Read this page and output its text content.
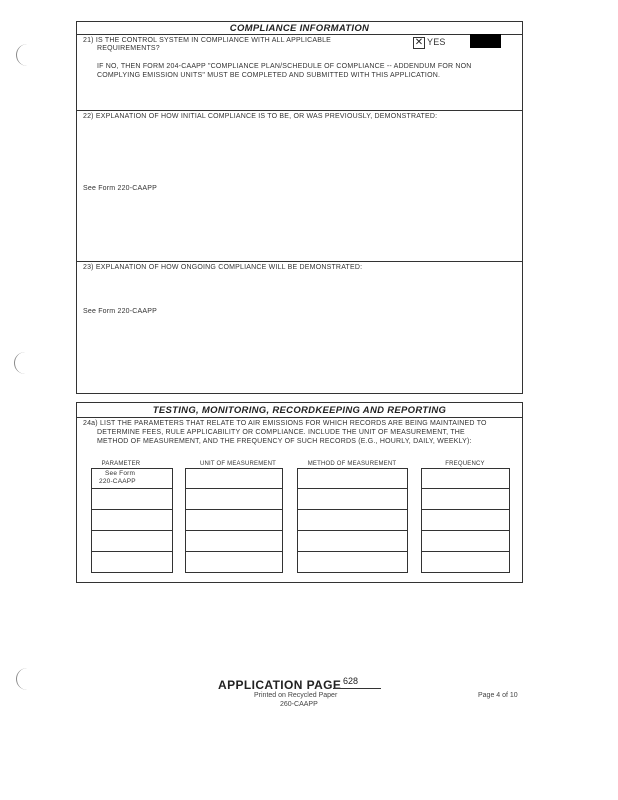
COMPLIANCE INFORMATION
21) IS THE CONTROL SYSTEM IN COMPLIANCE WITH ALL APPLICABLE
REQUIREMENTS?
✕ YES
IF NO, THEN FORM 204-CAAPP "COMPLIANCE PLAN/SCHEDULE OF COMPLIANCE -- ADDENDUM FOR NON
COMPLYING EMISSION UNITS" MUST BE COMPLETED AND SUBMITTED WITH THIS APPLICATION.
22) EXPLANATION OF HOW INITIAL COMPLIANCE IS TO BE, OR WAS PREVIOUSLY, DEMONSTRATED:
See Form 220-CAAPP
23) EXPLANATION OF HOW ONGOING COMPLIANCE WILL BE DEMONSTRATED:
See Form 220-CAAPP
TESTING, MONITORING, RECORDKEEPING AND REPORTING
24a) LIST THE PARAMETERS THAT RELATE TO AIR EMISSIONS FOR WHICH RECORDS ARE BEING MAINTAINED TO
DETERMINE FEES, RULE APPLICABILITY OR COMPLIANCE. INCLUDE THE UNIT OF MEASUREMENT, THE
METHOD OF MEASUREMENT, AND THE FREQUENCY OF SUCH RECORDS (E.G., HOURLY, DAILY, WEEKLY):
PARAMETER	UNIT OF MEASUREMENT	METHOD OF MEASUREMENT	FREQUENCY
See Form
220-CAAPP
APPLICATION PAGE 628
Printed on Recycled Paper
260-CAAPP
Page 4 of 10
